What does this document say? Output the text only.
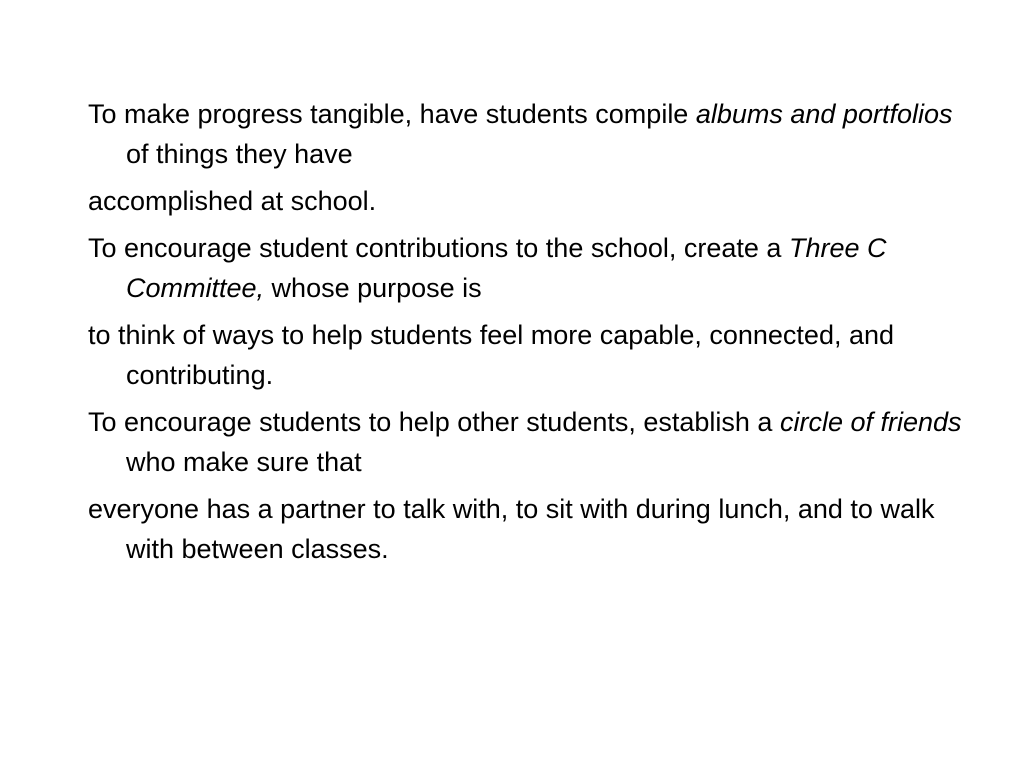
To make progress tangible, have students compile albums and portfolios of things they have

accomplished at school.

To encourage student contributions to the school, create a Three C Committee, whose purpose is

to think of ways to help students feel more capable, connected, and contributing.

To encourage students to help other students, establish a circle of friends who make sure that

everyone has a partner to talk with, to sit with during lunch, and to walk with between classes.
